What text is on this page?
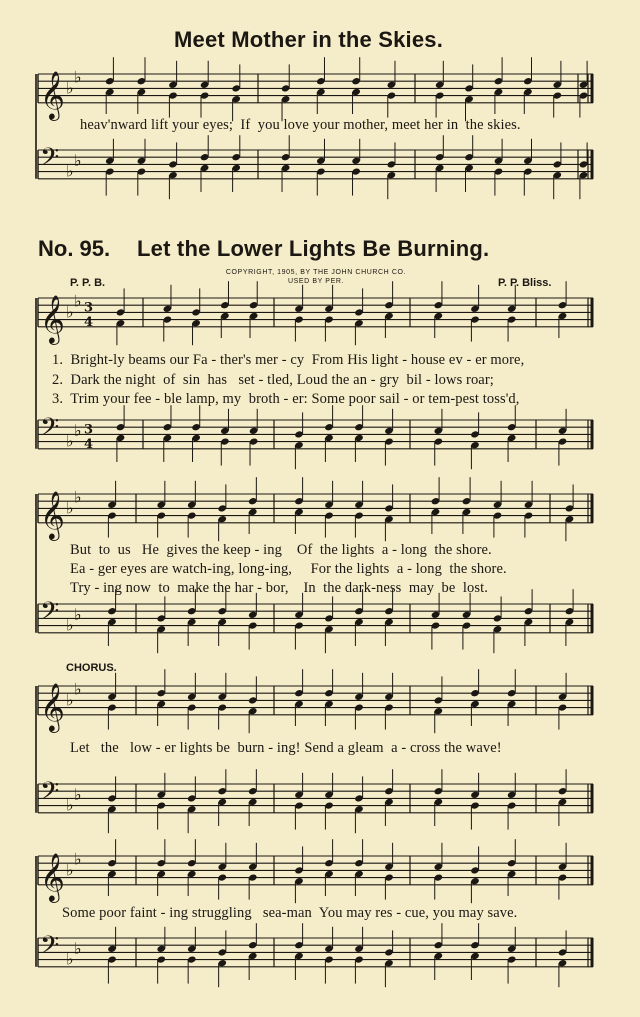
𝄞 ♭
♭
𝄢 ♭
♭
𝄞 ♭
♭ 3
4
𝄢 ♭
♭ 3
4
𝄞 ♭
♭
𝄢 ♭
♭
𝄞 ♭
♭
𝄢 ♭
♭
𝄞 ♭
♭
𝄢 ♭
♭
Meet Mother in the Skies.
heav'nward lift your eyes;  If  you love your mother, meet her in  the skies.
No. 95. Let the Lower Lights Be Burning.
COPYRIGHT, 1905, BY THE JOHN CHURCH CO.
USED BY PER.
P. P. B.	P. P. Bliss.
1.  Bright-ly beams our Fa - ther's mer - cy  From His light - house ev - er more,
2.  Dark the night  of  sin  has   set - tled, Loud the an - gry  bil - lows roar;
3.  Trim your fee - ble lamp, my  broth - er: Some poor sail - or tem-pest toss'd,
But  to  us   He  gives the keep - ing    Of  the lights  a - long  the shore.
Ea - ger eyes are watch-ing, long-ing,     For the lights  a - long  the shore.
Try - ing now  to  make the har - bor,    In  the dark-ness  may  be  lost.
CHORUS.
Let   the   low - er lights be  burn - ing! Send a gleam  a - cross the wave!
Some poor faint - ing struggling   sea-man  You may res - cue, you may save.
